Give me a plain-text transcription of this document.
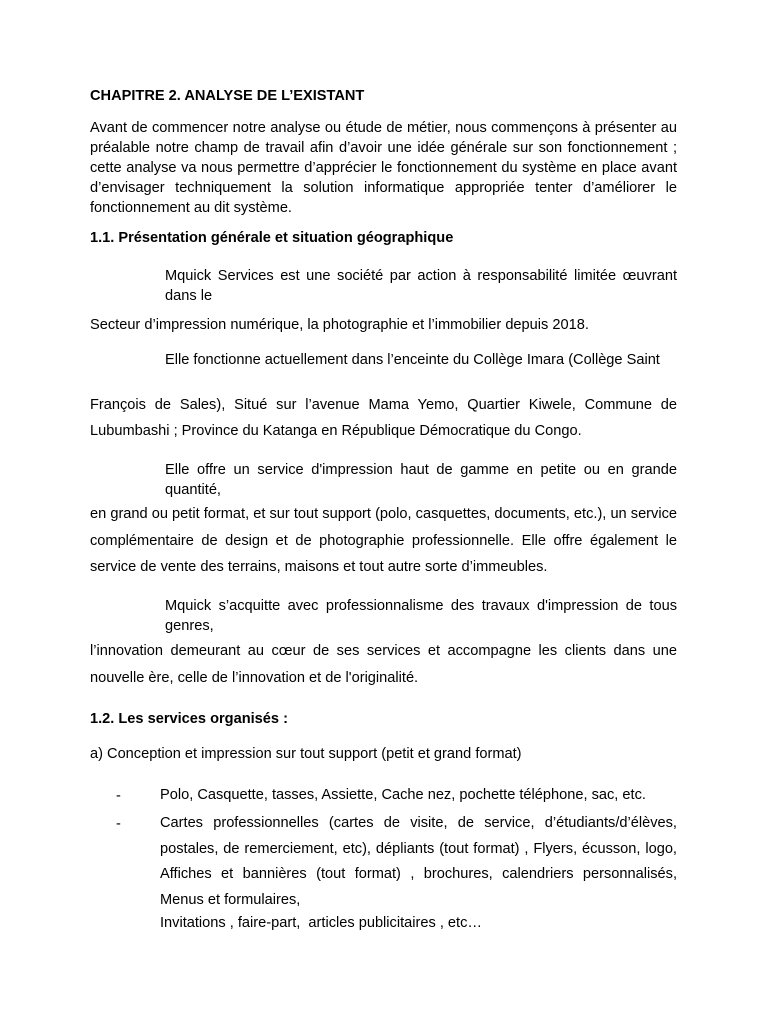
CHAPITRE 2. ANALYSE DE L’EXISTANT

Avant de commencer notre analyse ou étude de métier, nous commençons à présenter au préalable notre champ de travail afin d’avoir une idée générale sur son fonctionnement ; cette analyse va nous permettre d’apprécier le fonctionnement du système en place avant d’envisager techniquement la solution informatique appropriée tenter d’améliorer le fonctionnement au dit système.

1.1. Présentation générale et situation géographique

Mquick Services est une société par action à responsabilité limitée œuvrant dans le

Secteur d’impression numérique, la photographie et l’immobilier depuis 2018.

Elle fonctionne actuellement dans l’enceinte du Collège Imara (Collège Saint

François de Sales), Situé sur l’avenue Mama Yemo, Quartier Kiwele, Commune de Lubumbashi ; Province du Katanga en République Démocratique du Congo.

Elle offre un service d'impression haut de gamme en petite ou en grande quantité,

en grand ou petit format, et sur tout support (polo, casquettes, documents, etc.), un service complémentaire de design et de photographie professionnelle. Elle offre également le service de vente des terrains, maisons et tout autre sorte d’immeubles.

Mquick s’acquitte avec professionnalisme des travaux d'impression de tous genres,

l’innovation demeurant au cœur de ses services et accompagne les clients dans une nouvelle ère, celle de l’innovation et de l'originalité.

1.2. Les services organisés :

a) Conception et impression sur tout support (petit et grand format)

-	Polo, Casquette, tasses, Assiette, Cache nez, pochette téléphone, sac, etc.

-	Cartes professionnelles (cartes de visite, de service, d’étudiants/d’élèves, postales, de remerciement, etc), dépliants (tout format) , Flyers, écusson, logo, Affiches et bannières (tout format) , brochures, calendriers personnalisés, Menus et formulaires,

Invitations , faire-part,  articles publicitaires , etc…
